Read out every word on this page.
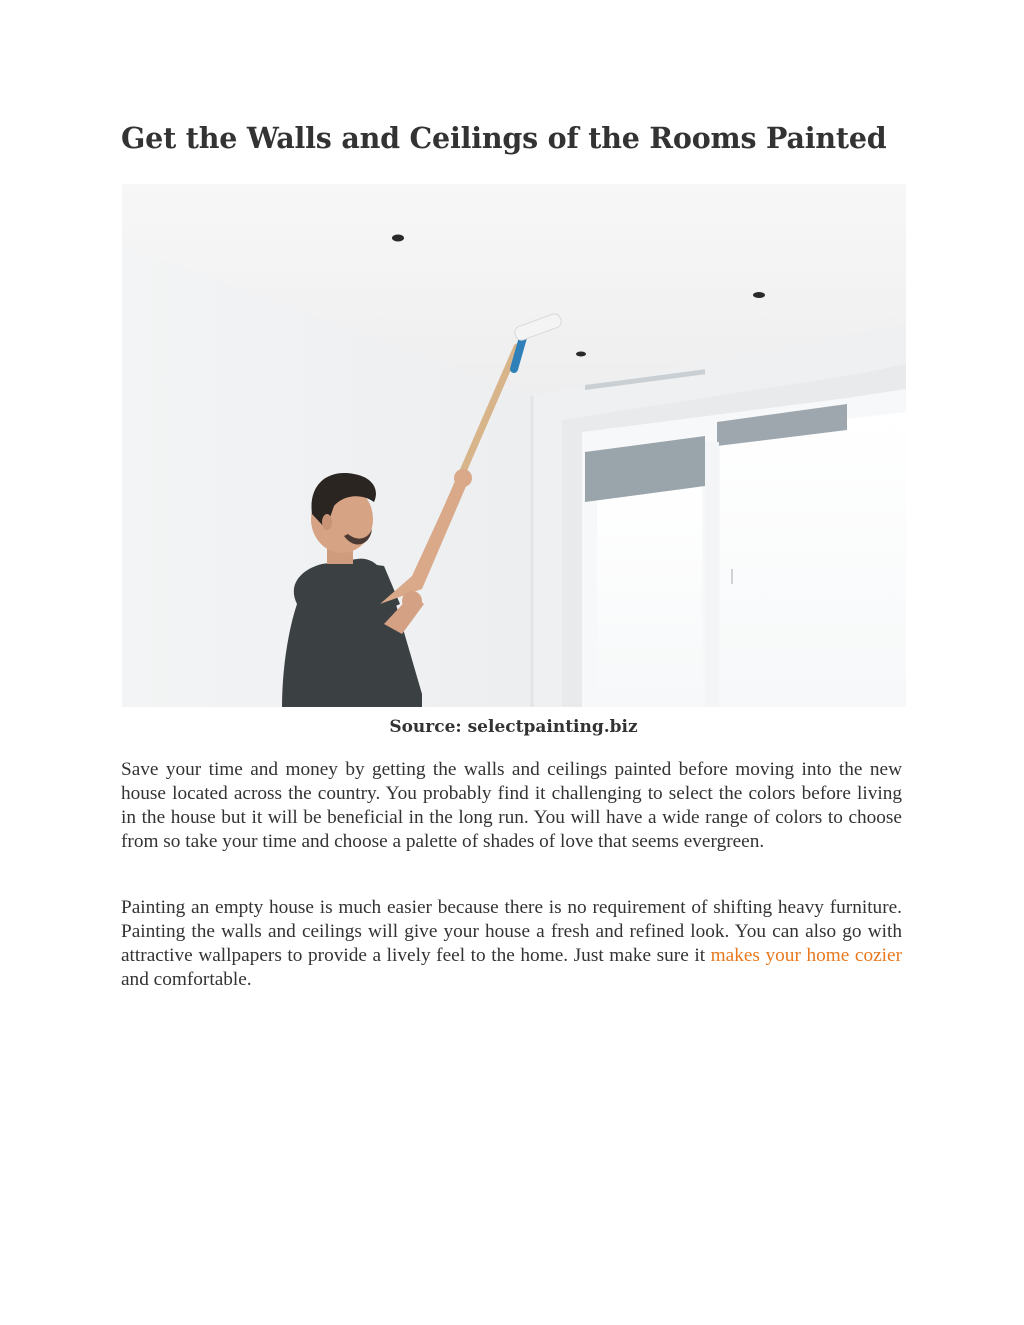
Get the Walls and Ceilings of the Rooms Painted
Source: selectpainting.biz

Save your time and money by getting the walls and ceilings painted before moving into the new house located across the country. You probably find it challenging to select the colors before living in the house but it will be beneficial in the long run. You will have a wide range of colors to choose from so take your time and choose a palette of shades of love that seems evergreen.

Painting an empty house is much easier because there is no requirement of shifting heavy furniture. Painting the walls and ceilings will give your house a fresh and refined look. You can also go with attractive wallpapers to provide a lively feel to the home. Just make sure it makes your home cozier and comfortable.
